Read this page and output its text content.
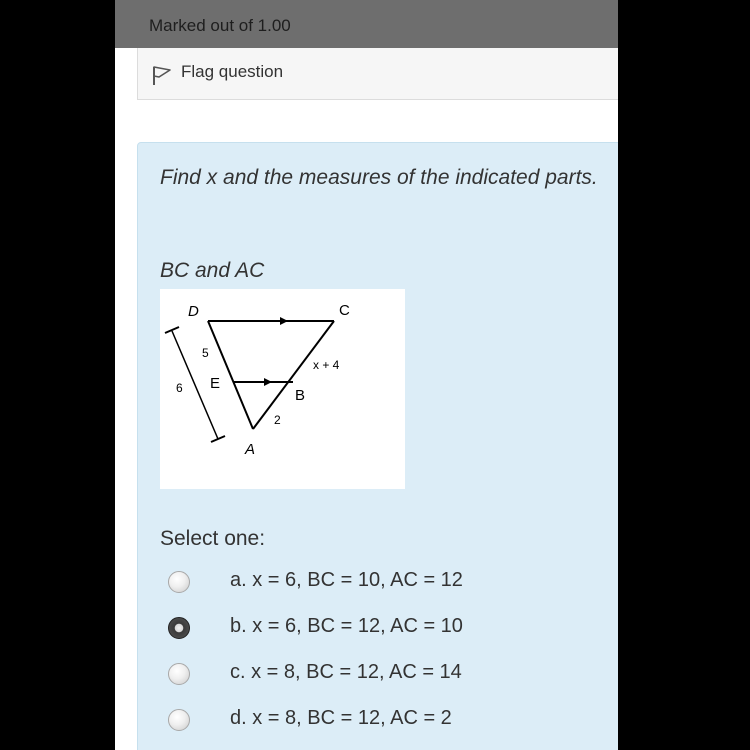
Marked out of 1.00
Flag question
Find x and the measures of the indicated parts.
BC and AC
D	C
E
B
A
5
6
x + 4
2
Select one:
a. x = 6, BC = 10, AC = 12
b. x = 6, BC = 12, AC = 10
c. x = 8, BC = 12, AC = 14
d. x = 8, BC = 12, AC = 2
